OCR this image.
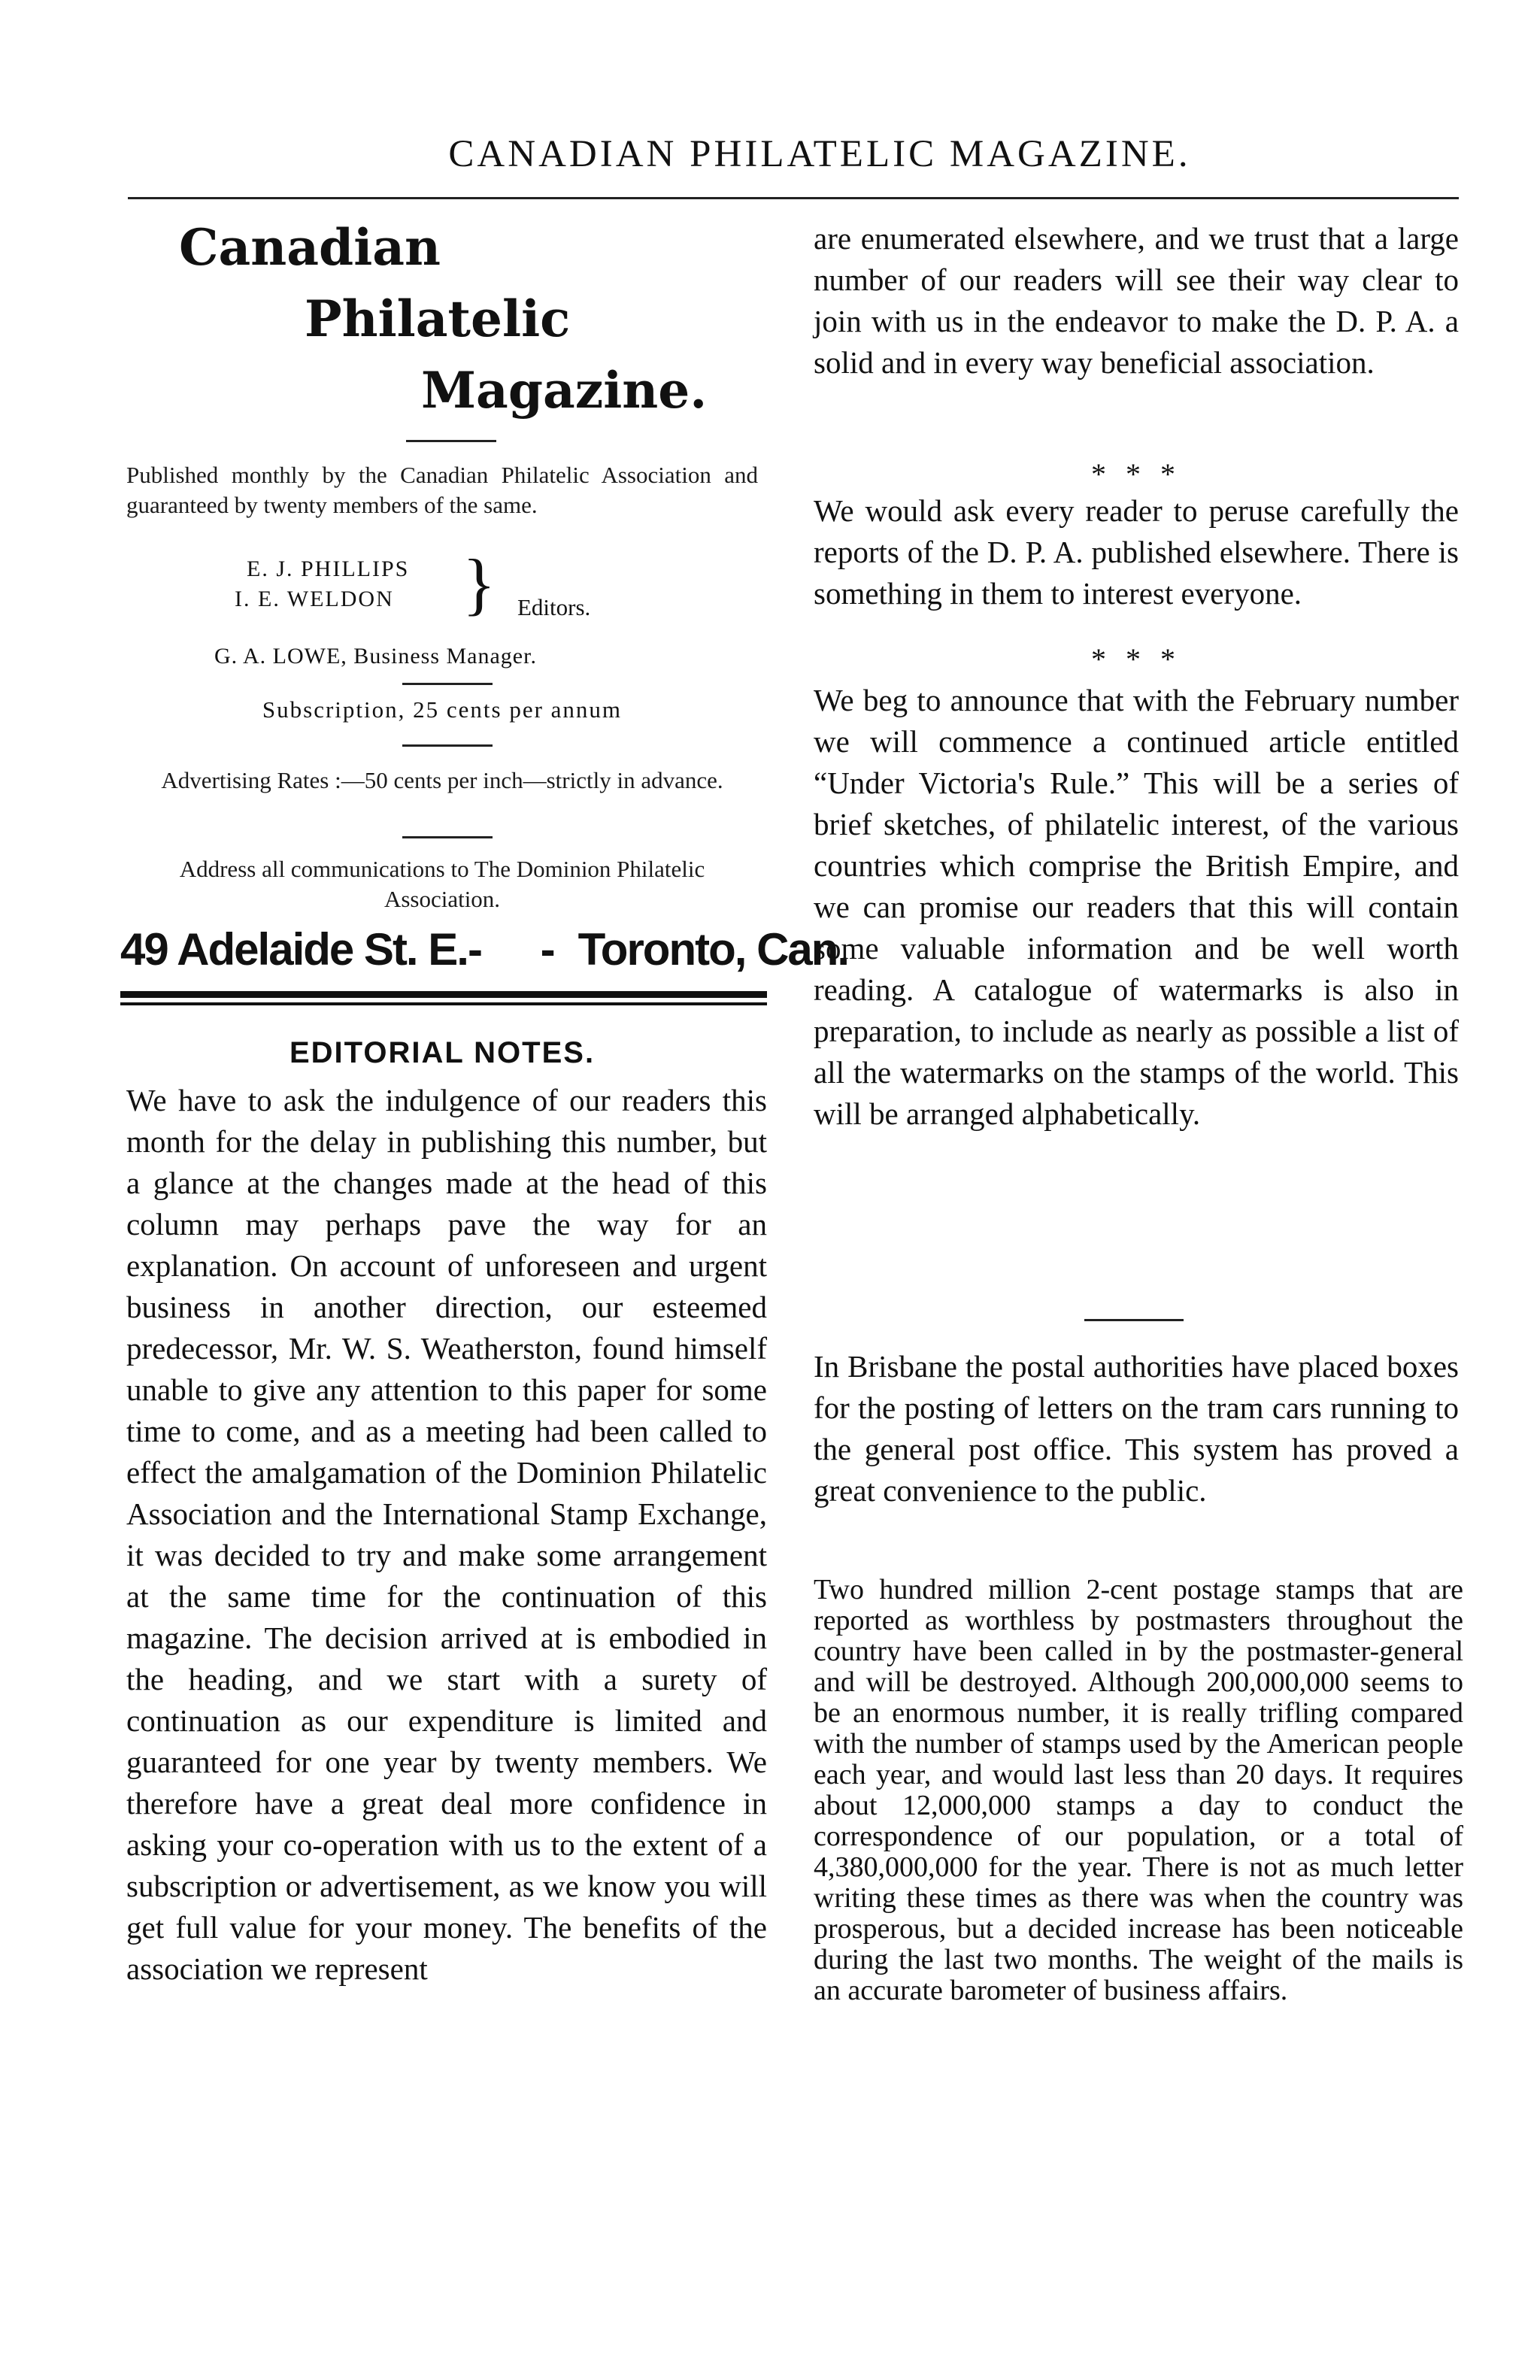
CANADIAN PHILATELIC MAGAZINE.
Canadian
Philatelic
Magazine.
Published monthly by the Canadian Philatelic Association and guaranteed by twenty members of the same.
E. J. PHILLIPS
I. E. WELDON } Editors.
G. A. LOWE, Business Manager.
Subscription, 25 cents per annum
Advertising Rates :—50 cents per inch—strictly in advance.
Address all communications to The Dominion Philatelic Association.
49 Adelaide St. E. - - Toronto, Can.
EDITORIAL NOTES.
We have to ask the indulgence of our readers this month for the delay in publishing this number, but a glance at the changes made at the head of this column may perhaps pave the way for an explanation. On account of unforeseen and urgent business in another direction, our esteemed predecessor, Mr. W. S. Weatherston, found himself unable to give any attention to this paper for some time to come, and as a meeting had been called to effect the amalgamation of the Dominion Philatelic Association and the International Stamp Exchange, it was decided to try and make some arrangement at the same time for the continuation of this magazine. The decision arrived at is embodied in the heading, and we start with a surety of continuation as our expenditure is limited and guaranteed for one year by twenty members. We therefore have a great deal more confidence in asking your co-operation with us to the extent of a subscription or advertisement, as we know you will get full value for your money. The benefits of the association we represent
are enumerated elsewhere, and we trust that a large number of our readers will see their way clear to join with us in the endeavor to make the D. P. A. a solid and in every way beneficial association.
* * *
We would ask every reader to peruse carefully the reports of the D. P. A. published elsewhere. There is something in them to interest everyone.
* * *
We beg to announce that with the February number we will commence a continued article entitled “Under Victoria's Rule.” This will be a series of brief sketches, of philatelic interest, of the various countries which comprise the British Empire, and we can promise our readers that this will contain some valuable information and be well worth reading. A catalogue of watermarks is also in preparation, to include as nearly as possible a list of all the watermarks on the stamps of the world. This will be arranged alphabetically.
In Brisbane the postal authorities have placed boxes for the posting of letters on the tram cars running to the general post office. This system has proved a great convenience to the public.
Two hundred million 2-cent postage stamps that are reported as worthless by postmasters throughout the country have been called in by the postmaster-general and will be destroyed. Although 200,000,000 seems to be an enormous number, it is really trifling compared with the number of stamps used by the American people each year, and would last less than 20 days. It requires about 12,000,000 stamps a day to conduct the correspondence of our population, or a total of 4,380,000,000 for the year. There is not as much letter writing these times as there was when the country was prosperous, but a decided increase has been noticeable during the last two months. The weight of the mails is an accurate barometer of business affairs.
